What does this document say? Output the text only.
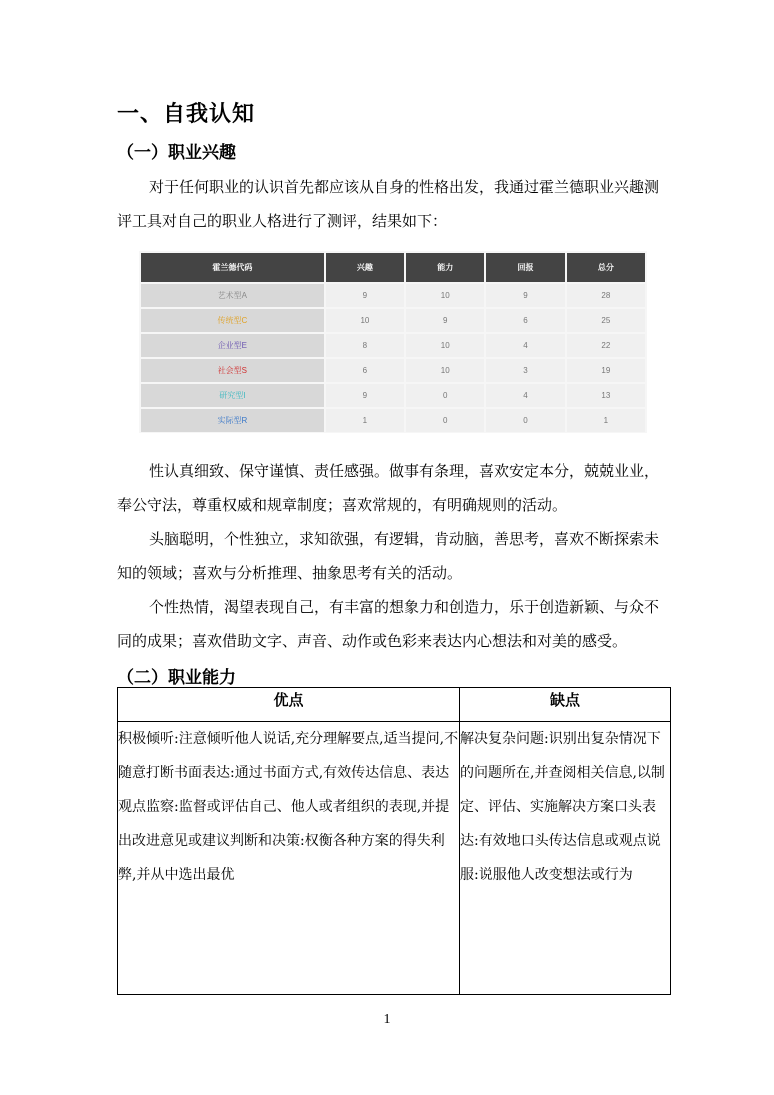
一、自我认知
（一）职业兴趣

对于任何职业的认识首先都应该从自身的性格出发，我通过霍兰德职业兴趣测评工具对自己的职业人格进行了测评，结果如下：

霍兰德代码	兴趣	能力	回报	总分
艺术型A	9	10	9	28
传统型C	10	9	6	25
企业型E	8	10	4	22
社会型S	6	10	3	19
研究型I	9	0	4	13
实际型R	1	0	0	1

性认真细致、保守谨慎、责任感强。做事有条理，喜欢安定本分，兢兢业业，奉公守法，尊重权威和规章制度；喜欢常规的，有明确规则的活动。

头脑聪明，个性独立，求知欲强，有逻辑，肯动脑，善思考，喜欢不断探索未知的领域；喜欢与分析推理、抽象思考有关的活动。

个性热情，渴望表现自己，有丰富的想象力和创造力，乐于创造新颖、与众不同的成果；喜欢借助文字、声音、动作或色彩来表达内心想法和对美的感受。

（二）职业能力
优点	缺点

积极倾听:注意倾听他人说话,充分理解要点,适当提问,不随意打断书面表达:通过书面方式,有效传达信息、表达观点监察:监督或评估自己、他人或者组织的表现,并提出改进意见或建议判断和决策:权衡各种方案的得失利弊,并从中选出最优	解决复杂问题:识别出复杂情况下的问题所在,并查阅相关信息,以制定、评估、实施解决方案口头表达:有效地口头传达信息或观点说服:说服他人改变想法或行为
1
